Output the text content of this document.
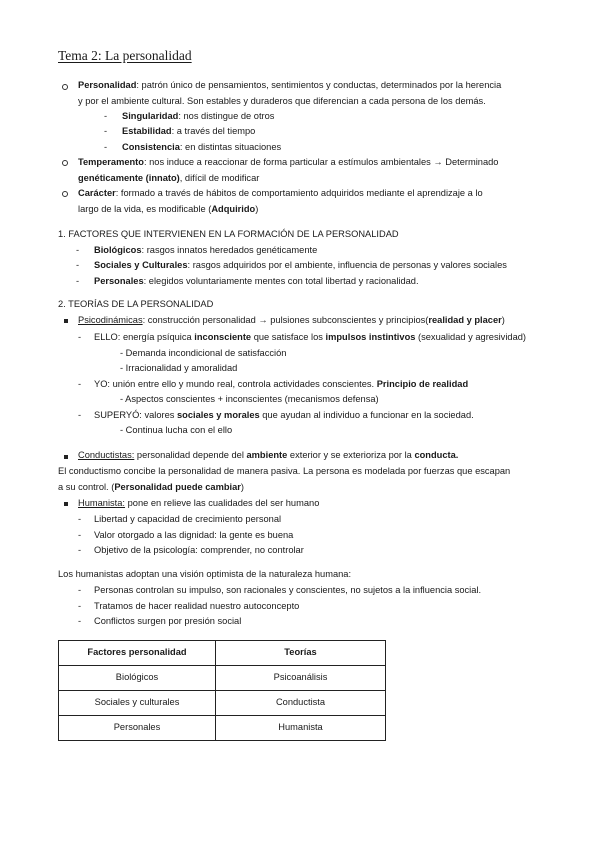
Tema 2: La personalidad
Personalidad: patrón único de pensamientos, sentimientos y conductas, determinados por la herencia
y por el ambiente cultural. Son estables y duraderos que diferencian a cada persona de los demás.
- Singularidad: nos distingue de otros
- Estabilidad: a través del tiempo
- Consistencia: en distintas situaciones
Temperamento: nos induce a reaccionar de forma particular a estímulos ambientales → Determinado
genéticamente (innato), difícil de modificar
Carácter: formado a través de hábitos de comportamiento adquiridos mediante el aprendizaje a lo
largo de la vida, es modificable (Adquirido)
1. FACTORES QUE INTERVIENEN EN LA FORMACIÓN DE LA PERSONALIDAD
- Biológicos: rasgos innatos heredados genéticamente
- Sociales y Culturales: rasgos adquiridos por el ambiente, influencia de personas y valores sociales
- Personales: elegidos voluntariamente mentes con total libertad y racionalidad.
2. TEORÍAS DE LA PERSONALIDAD
Psicodinámicas: construcción personalidad → pulsiones subconscientes y principios(realidad y placer)
- ELLO: energía psíquica inconsciente que satisface los impulsos instintivos (sexualidad y agresividad)
- Demanda incondicional de satisfacción
- Irracionalidad y amoralidad
- YO: unión entre ello y mundo real, controla actividades conscientes. Principio de realidad
- Aspectos conscientes + inconscientes (mecanismos defensa)
- SUPERYÓ: valores sociales y morales que ayudan al individuo a funcionar en la sociedad.
- Continua lucha con el ello
Conductistas: personalidad depende del ambiente exterior y se exterioriza por la conducta.
El conductismo concibe la personalidad de manera pasiva. La persona es modelada por fuerzas que escapan
a su control. (Personalidad puede cambiar)
Humanista: pone en relieve las cualidades del ser humano
- Libertad y capacidad de crecimiento personal
- Valor otorgado a las dignidad: la gente es buena
- Objetivo de la psicología: comprender, no controlar
Los humanistas adoptan una visión optimista de la naturaleza humana:
- Personas controlan su impulso, son racionales y conscientes, no sujetos a la influencia social.
- Tratamos de hacer realidad nuestro autoconcepto
- Conflictos surgen por presión social
Factores personalidad	Teorías
Biológicos	Psicoanálisis
Sociales y culturales	Conductista
Personales	Humanista
